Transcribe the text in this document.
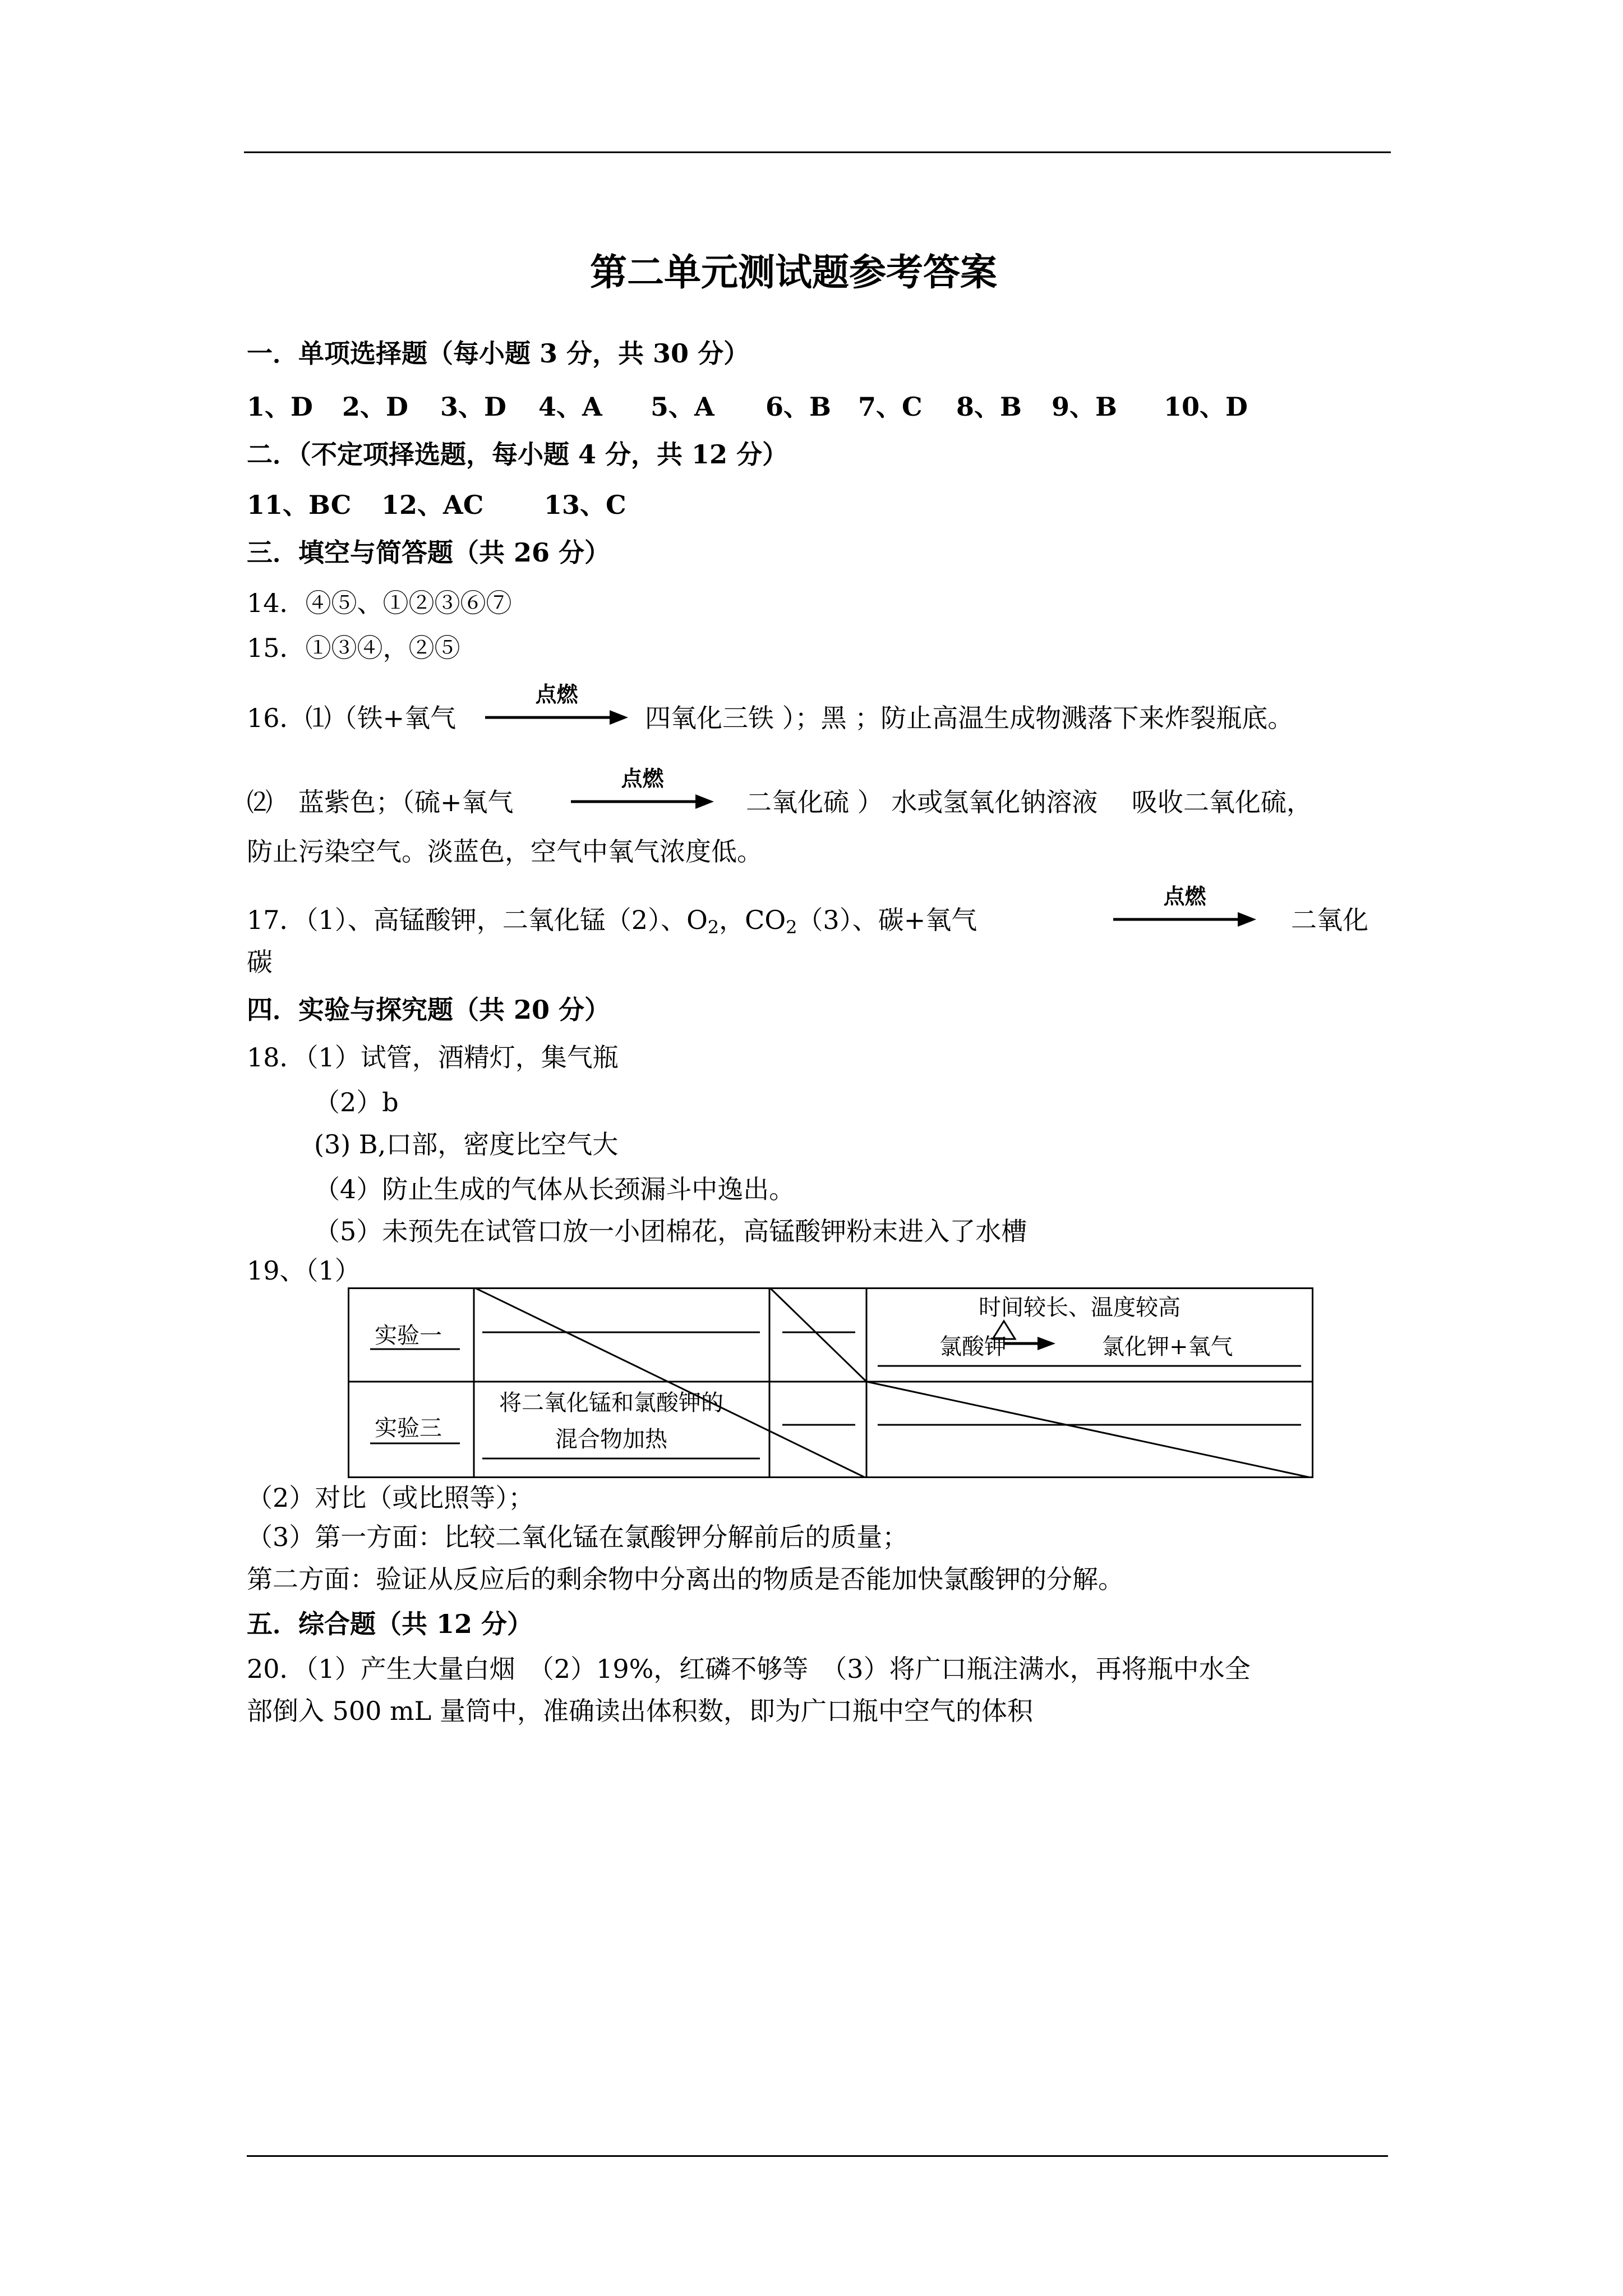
第二单元测试题参考答案
一．单项选择题（每小题 3 分，共 30 分）
1、D 2、D 3、D 4、A 5、A 6、B 7、C 8、B 9、B 10、D
二．（不定项择选题，每小题 4 分，共 12 分）
11、BC 12、AC 13、C
三．填空与简答题（共 26 分）
14．④⑤、①②③⑥⑦
15．①③④，②⑤
16．⑴（铁+氧气
点燃
四氧化三铁 ）；黑 ；防止高温生成物溅落下来炸裂瓶底。
⑵　蓝紫色；（硫+氧气
点燃
二氧化硫 ） 水或氢氧化钠溶液　 吸收二氧化硫，
防止污染空气。淡蓝色，空气中氧气浓度低。
17．（1）、高锰酸钾，二氧化锰（2）、$O_2$，$CO_2(3)$、碳+氧气
点燃
二氧化
碳
四．实验与探究题（共 20 分）
18．（1）试管，酒精灯，集气瓶
（2）b
(3) B,口部，密度比空气大
（4）防止生成的气体从长颈漏斗中逸出。
（5）未预先在试管口放一小团棉花，高锰酸钾粉末进入了水槽
19、（1）
实验一
时间较长、温度较高
氯酸钾	氯化钾+氧气
实验三
将二氧化锰和氯酸钾的
混合物加热
（2）对比（或比照等）；
（3）第一方面：比较二氧化锰在氯酸钾分解前后的质量；
第二方面：验证从反应后的剩余物中分离出的物质是否能加快氯酸钾的分解。
五．综合题（共 12 分）
20．（1）产生大量白烟　（2）19%，红磷不够等　（3）将广口瓶注满水，再将瓶中水全
部倒入 500 mL 量筒中，准确读出体积数，即为广口瓶中空气的体积
